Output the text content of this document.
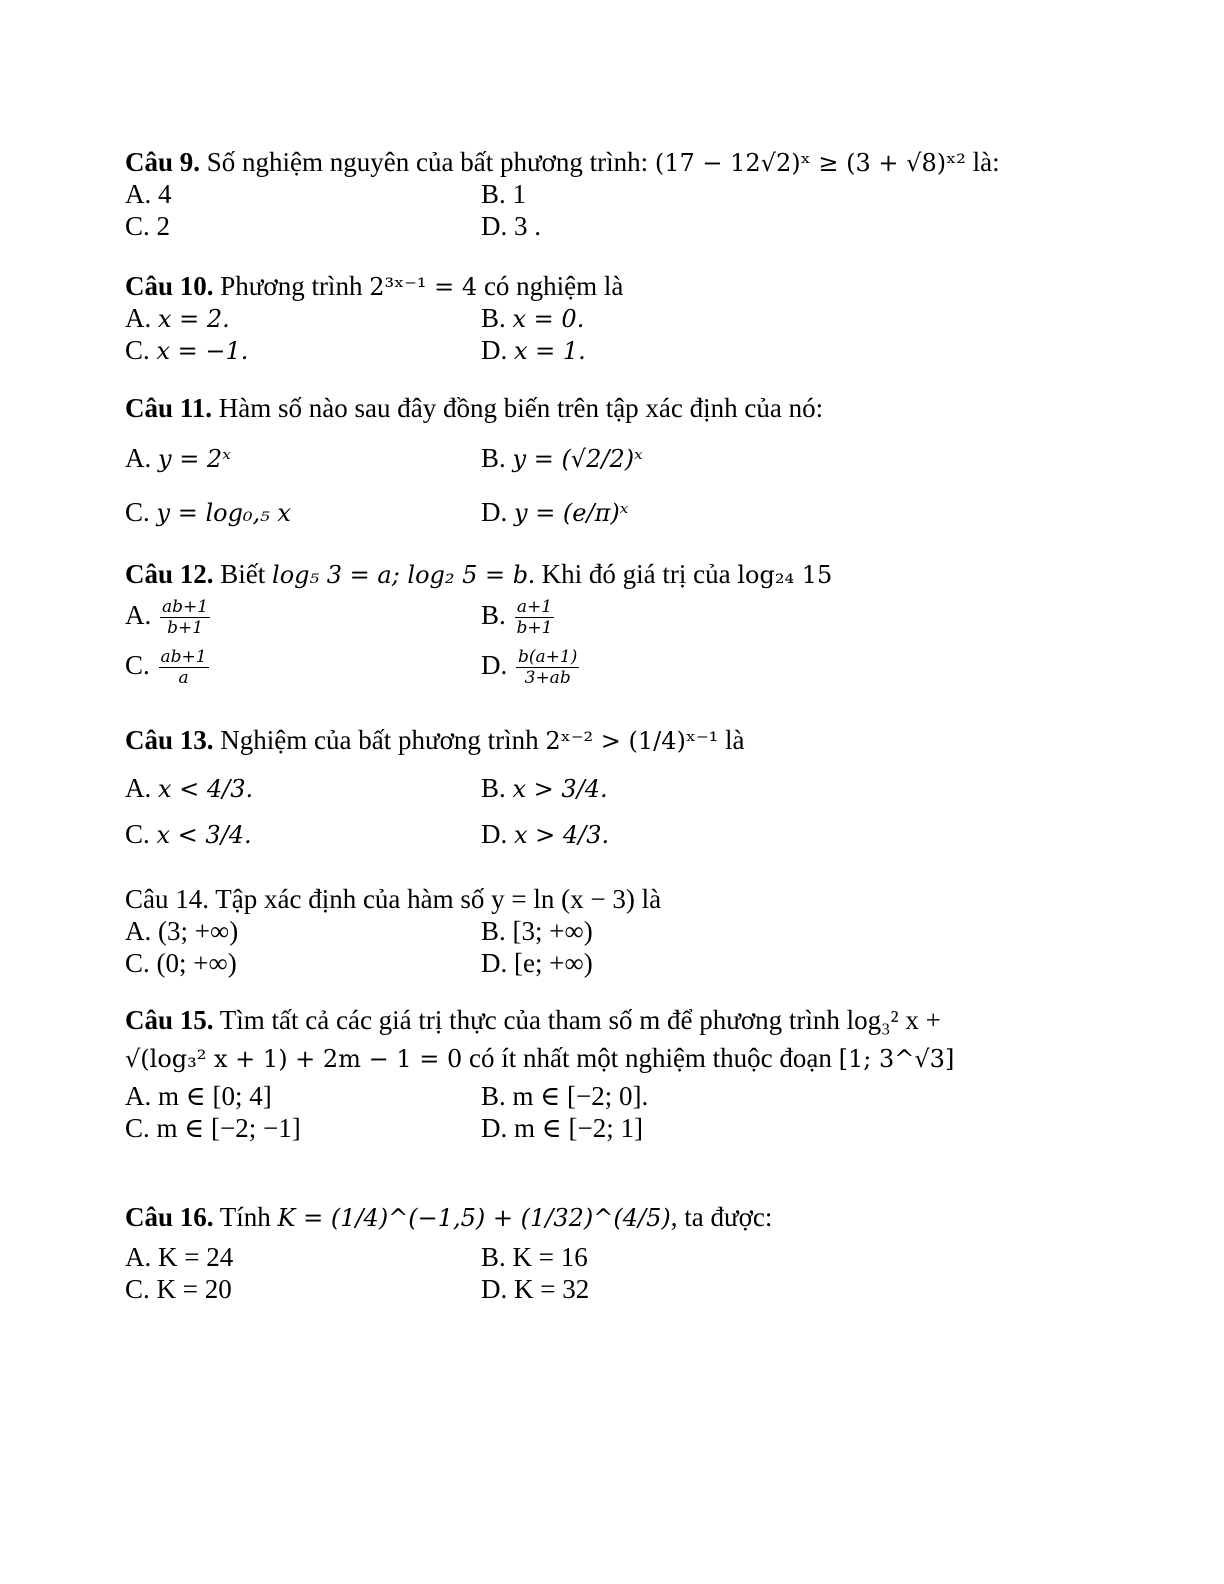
Câu 9. Số nghiệm nguyên của bất phương trình: (17 − 12√2)ˣ ≥ (3 + √8)ˣ² là:
A. 4	B. 1
C. 2	D. 3 .
Câu 10. Phương trình 2³ˣ⁻¹ = 4 có nghiệm là
A. x = 2.	B. x = 0.
C. x = −1.	D. x = 1.
Câu 11. Hàm số nào sau đây đồng biến trên tập xác định của nó:
A. y = 2ˣ	B. y = (√2/2)ˣ
C. y = log₀,₅ x	D. y = (e/π)ˣ
Câu 12. Biết log₅ 3 = a; log₂ 5 = b. Khi đó giá trị của log₂₄ 15
A. $\frac{ab+1}{b+1}$	B. $\frac{a+1}{b+1}$
C. $\frac{ab+1}{a}$	D. $\frac{b(a+1)}{3+ab}$
Câu 13. Nghiệm của bất phương trình 2ˣ⁻² > (1/4)ˣ⁻¹ là
A. x < 4/3.	B. x > 3/4.
C. x < 3/4.	D. x > 4/3.
Câu 14. Tập xác định của hàm số y = ln (x − 3) là
A. (3; +∞)	B. [3; +∞)
C. (0; +∞)	D. [e; +∞)
Câu 15. Tìm tất cả các giá trị thực của tham số m để phương trình log₃² x +
√(log₃² x + 1) + 2m − 1 = 0 có ít nhất một nghiệm thuộc đoạn [1; 3^√3]
A. m ∈ [0; 4]	B. m ∈ [−2; 0].
C. m ∈ [−2; −1]	D. m ∈ [−2; 1]
Câu 16. Tính K = (1/4)^(−1,5) + (1/32)^(4/5), ta được:
A. K = 24	B. K = 16
C. K = 20	D. K = 32
